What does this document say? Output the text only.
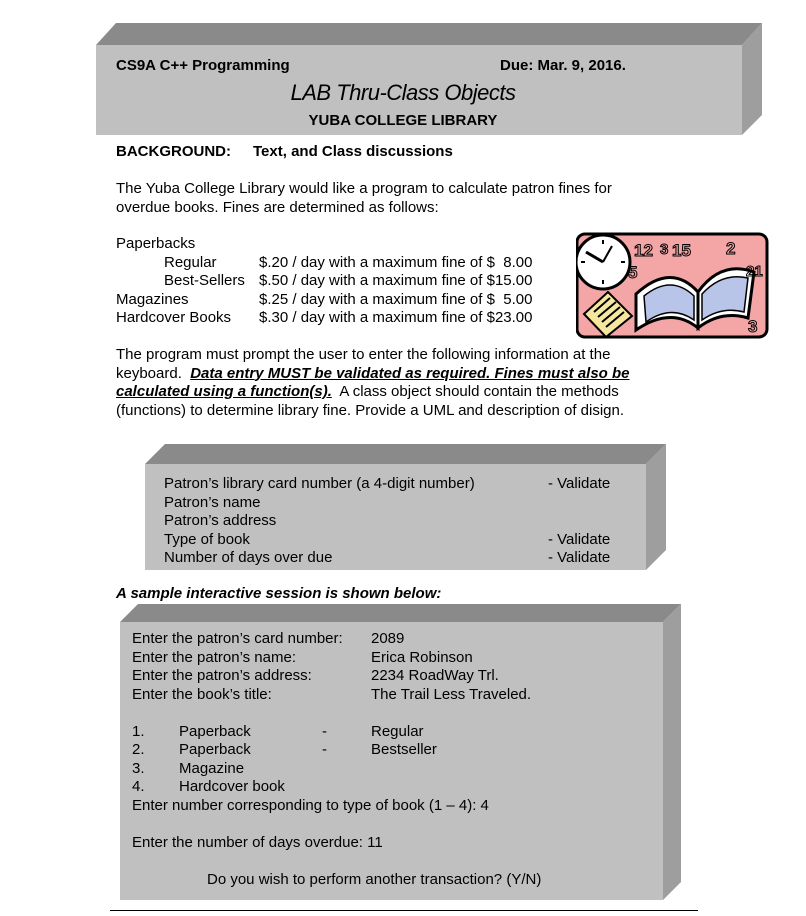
CS9A C++ Programming	Due: Mar. 9, 2016.
LAB Thru-Class Objects
YUBA COLLEGE LIBRARY
BACKGROUND: Text, and Class discussions
The Yuba College Library would like a program to calculate patron fines for
overdue books. Fines are determined as follows:
Paperbacks
Regular	$.20 / day with a maximum fine of $  8.00
Best-Sellers $.50 / day with a maximum fine of $15.00
Magazines	$.25 / day with a maximum fine of $  5.00
Hardcover Books $.30 / day with a maximum fine of $23.00
12 3 15 2
21
5
3
The program must prompt the user to enter the following information at the
keyboard.  Data entry MUST be validated as required. Fines must also be
calculated using a function(s).  A class object should contain the methods
(functions) to determine library fine. Provide a UML and description of disign.
Patron’s library card number (a 4-digit number)	- Validate
Patron’s name
Patron’s address
Type of book	- Validate
Number of days over due	- Validate
A sample interactive session is shown below:
Enter the patron’s card number: 2089
Enter the patron’s name:	Erica Robinson
Enter the patron’s address:	2234 RoadWay Trl.
Enter the book’s title:	The Trail Less Traveled.
1. Paperback	-	Regular
2. Paperback	-	Bestseller
3. Magazine
4. Hardcover book
Enter number corresponding to type of book (1 – 4): 4
Enter the number of days overdue: 11
Do you wish to perform another transaction? (Y/N)
